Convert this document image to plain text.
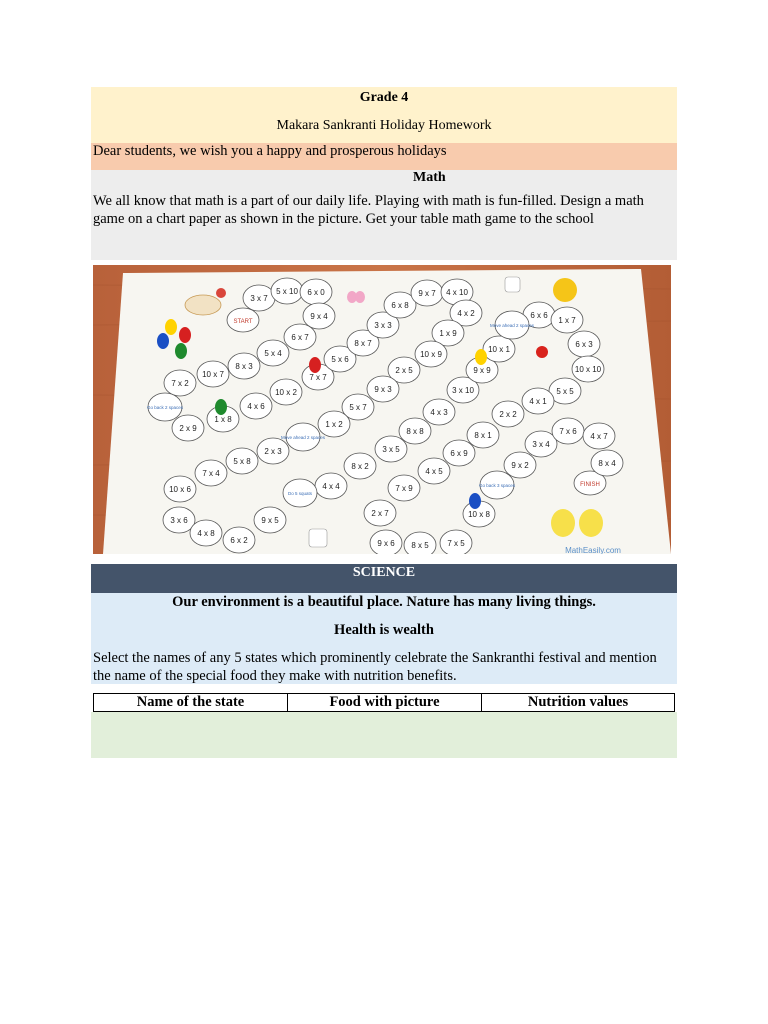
Grade 4
Makara Sankranti Holiday Homework
Dear students, we wish you a happy and prosperous holidays
Math
We all know that math is a part of our daily life. Playing with math is fun-filled. Design a math game on a chart paper as shown in the picture. Get your table math game to the school
3 x 7
5 x 10 6 x 0
9 x 4
6 x 7
5 x 4
8 x 3
10 x 7
7 x 2
2 x 9
1 x 8
4 x 6
10 x 2
7 x 7
5 x 6
8 x 7
3 x 3
6 x 8
9 x 7 4 x 10
4 x 2
1 x 9
10 x 9
2 x 5
9 x 3
5 x 7
1 x 2
2 x 3
5 x 8
7 x 4
10 x 6
3 x 6
4 x 8
6 x 2
9 x 5
4 x 4
8 x 2
3 x 5
8 x 8
4 x 3
3 x 10
9 x 9
10 x 1
6 x 6
1 x 7
6 x 3
10 x 10
5 x 5
4 x 1
2 x 2
8 x 1
6 x 9
4 x 5
7 x 9
2 x 7
9 x 6 8 x 5 7 x 5
10 x 8
9 x 2
3 x 4
7 x 6
4 x 7
8 x 4
Go back 2 spaces
Move ahead 2 spaces
Do 5 squats
Go back 3 spaces
Move ahead 2 spaces
START
FINISH
MathEasily.com
SCIENCE
Our environment is a beautiful place. Nature has many living things.
Health is wealth
Select the names of any 5 states which prominently celebrate the Sankranthi festival and mention the name of the special food they make with nutrition benefits.
Name of the state	Food with picture	Nutrition values
